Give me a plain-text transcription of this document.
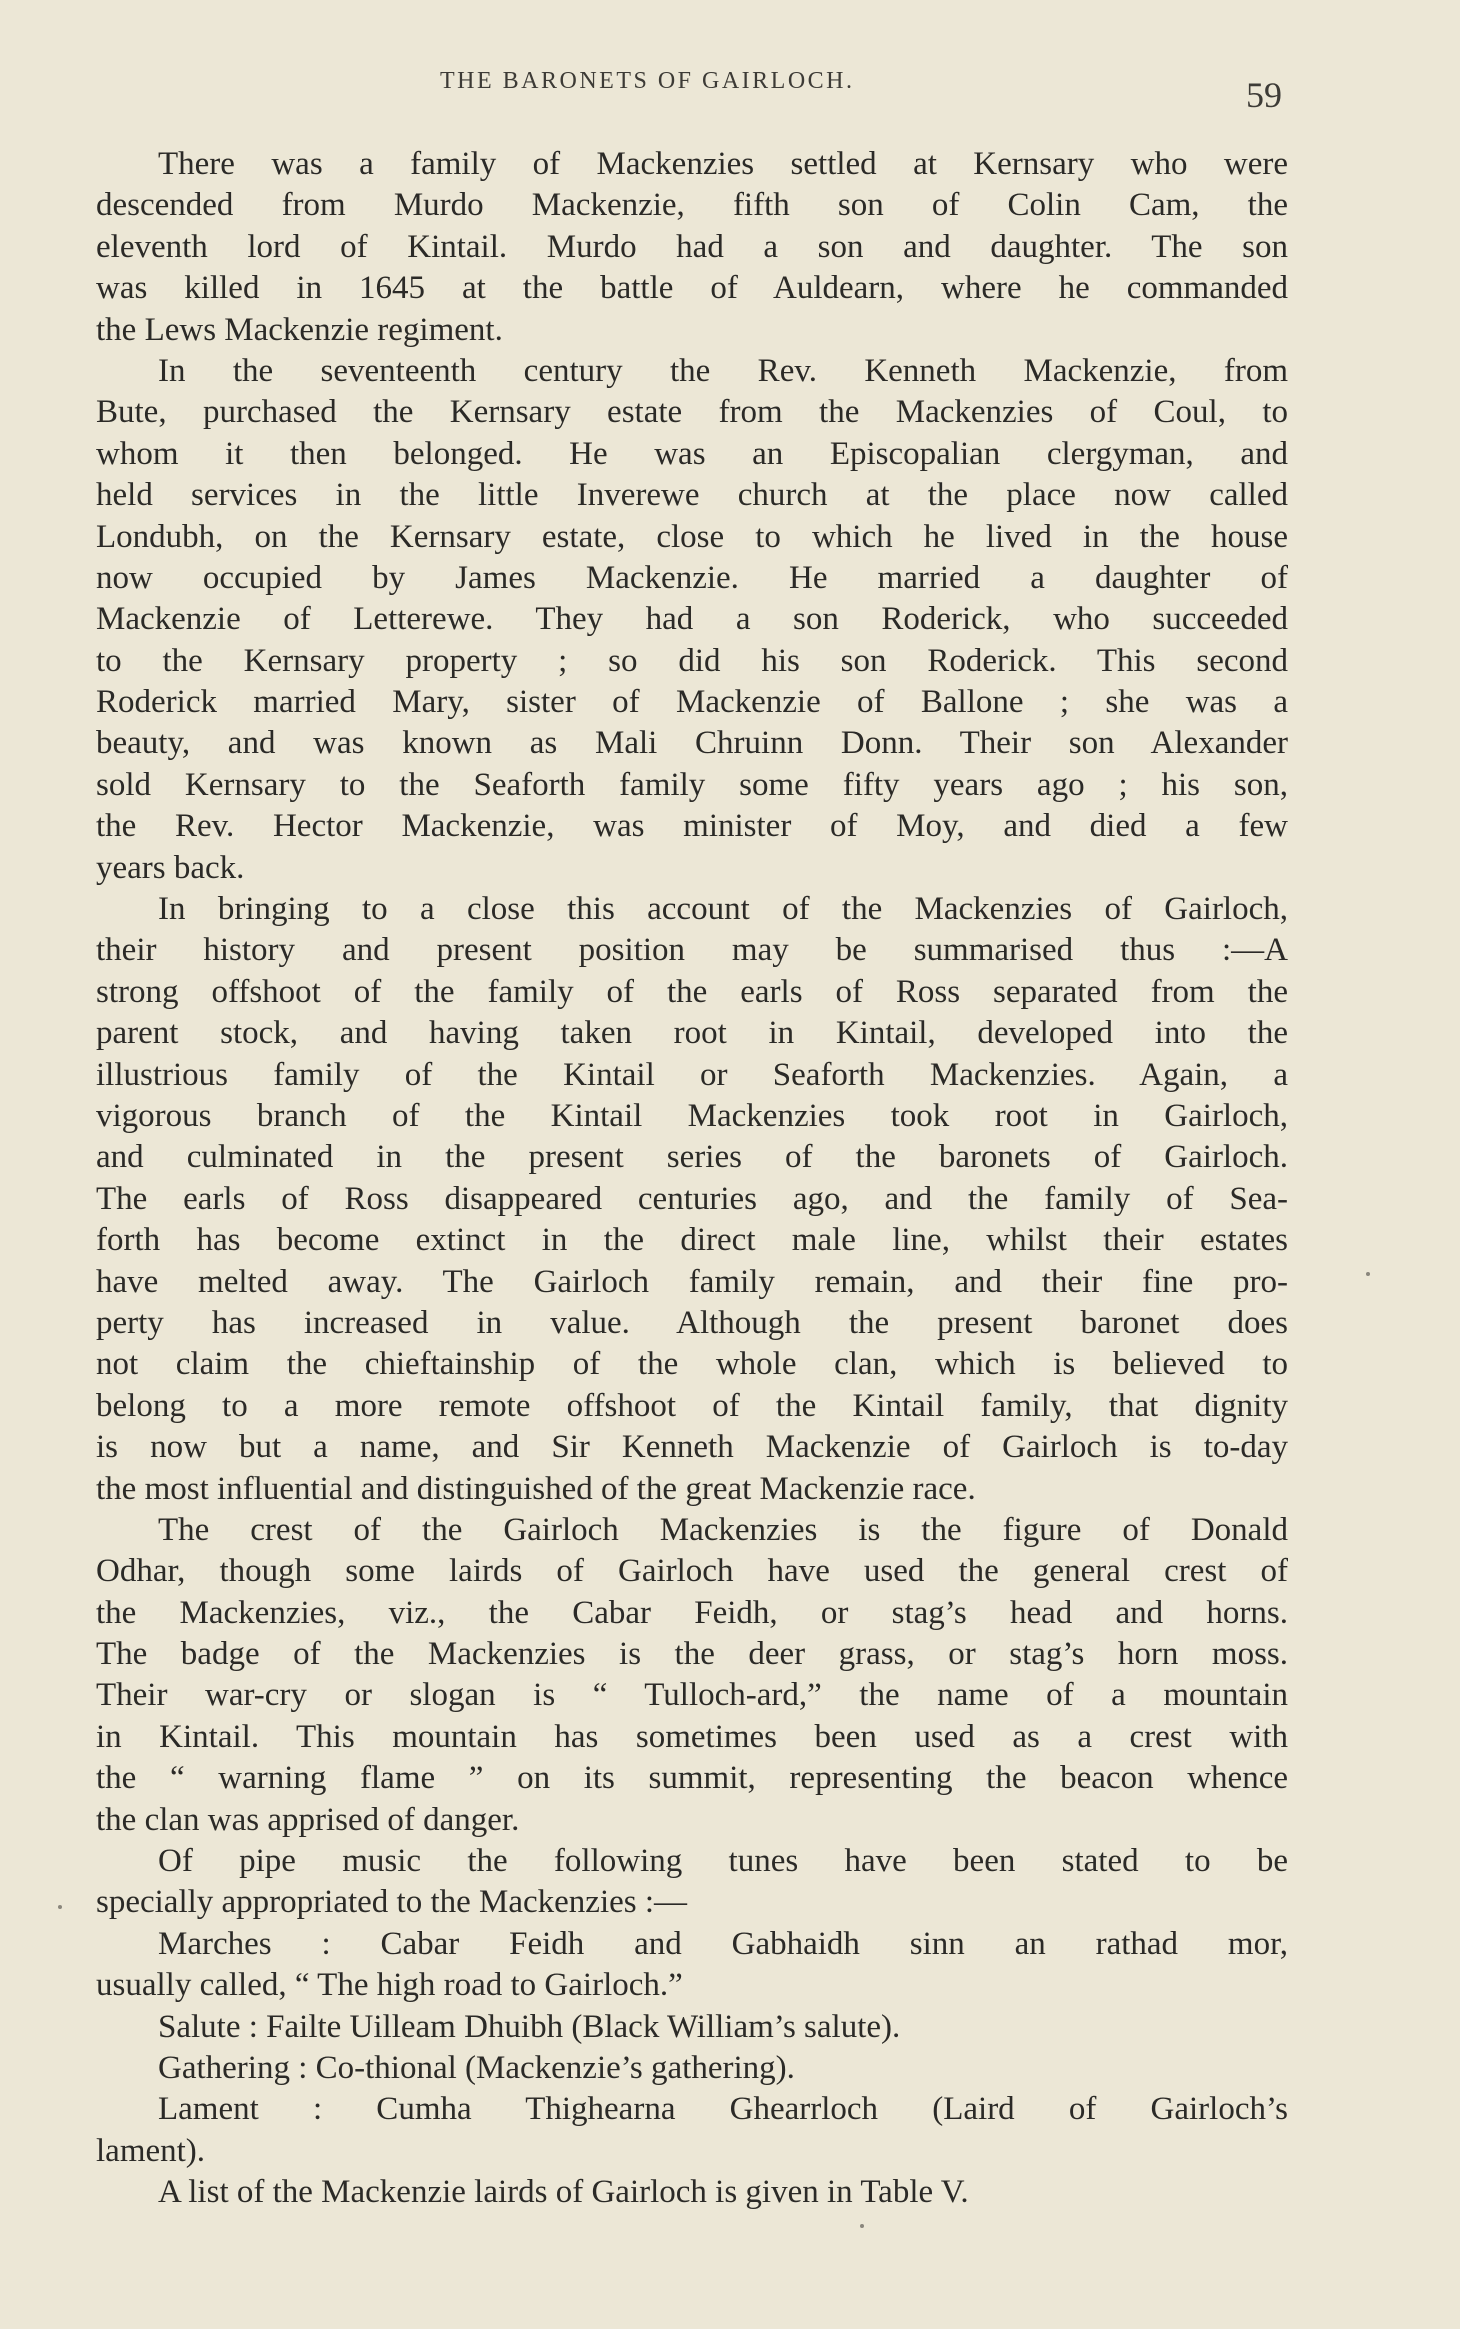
THE BARONETS OF GAIRLOCH.	59
There was a family of Mackenzies settled at Kernsary who were
descended from Murdo Mackenzie, fifth son of Colin Cam, the
eleventh lord of Kintail. Murdo had a son and daughter. The son
was killed in 1645 at the battle of Auldearn, where he commanded
the Lews Mackenzie regiment.
In the seventeenth century the Rev. Kenneth Mackenzie, from
Bute, purchased the Kernsary estate from the Mackenzies of Coul, to
whom it then belonged. He was an Episcopalian clergyman, and
held services in the little Inverewe church at the place now called
Londubh, on the Kernsary estate, close to which he lived in the house
now occupied by James Mackenzie. He married a daughter of
Mackenzie of Letterewe. They had a son Roderick, who succeeded
to the Kernsary property ; so did his son Roderick. This second
Roderick married Mary, sister of Mackenzie of Ballone ; she was a
beauty, and was known as Mali Chruinn Donn. Their son Alexander
sold Kernsary to the Seaforth family some fifty years ago ; his son,
the Rev. Hector Mackenzie, was minister of Moy, and died a few
years back.
In bringing to a close this account of the Mackenzies of Gairloch,
their history and present position may be summarised thus :—A
strong offshoot of the family of the earls of Ross separated from the
parent stock, and having taken root in Kintail, developed into the
illustrious family of the Kintail or Seaforth Mackenzies. Again, a
vigorous branch of the Kintail Mackenzies took root in Gairloch,
and culminated in the present series of the baronets of Gairloch.
The earls of Ross disappeared centuries ago, and the family of Sea-
forth has become extinct in the direct male line, whilst their estates
have melted away. The Gairloch family remain, and their fine pro-
perty has increased in value. Although the present baronet does
not claim the chieftainship of the whole clan, which is believed to
belong to a more remote offshoot of the Kintail family, that dignity
is now but a name, and Sir Kenneth Mackenzie of Gairloch is to-day
the most influential and distinguished of the great Mackenzie race.
The crest of the Gairloch Mackenzies is the figure of Donald
Odhar, though some lairds of Gairloch have used the general crest of
the Mackenzies, viz., the Cabar Feidh, or stag’s head and horns.
The badge of the Mackenzies is the deer grass, or stag’s horn moss.
Their war-cry or slogan is “ Tulloch-ard,” the name of a mountain
in Kintail. This mountain has sometimes been used as a crest with
the “ warning flame ” on its summit, representing the beacon whence
the clan was apprised of danger.
Of pipe music the following tunes have been stated to be
specially appropriated to the Mackenzies :—
Marches : Cabar Feidh and Gabhaidh sinn an rathad mor,
usually called, “ The high road to Gairloch.”
Salute : Failte Uilleam Dhuibh (Black William’s salute).
Gathering : Co-thional (Mackenzie’s gathering).
Lament : Cumha Thighearna Ghearrloch (Laird of Gairloch’s
lament).
A list of the Mackenzie lairds of Gairloch is given in Table V.
